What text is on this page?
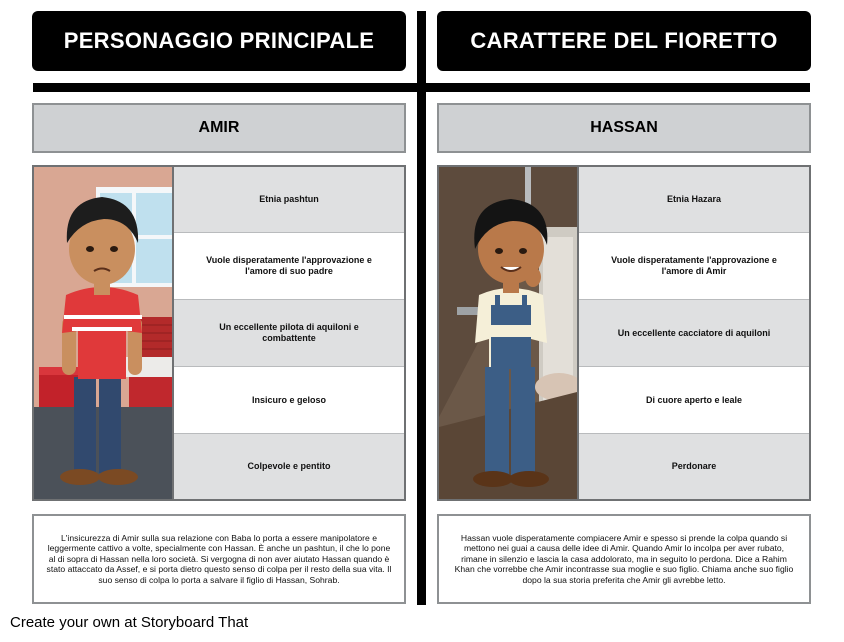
PERSONAGGIO PRINCIPALE	CARATTERE DEL FIORETTO
AMIR	HASSAN
Etnia pashtun
Vuole disperatamente l'approvazione e l'amore di suo padre
Un eccellente pilota di aquiloni e combattente
Insicuro e geloso
Colpevole e pentito
Etnia Hazara
Vuole disperatamente l'approvazione e l'amore di Amir
Un eccellente cacciatore di aquiloni
Di cuore aperto e leale
Perdonare
L'insicurezza di Amir sulla sua relazione con Baba lo porta a essere manipolatore e leggermente cattivo a volte, specialmente con Hassan. È anche un pashtun, il che lo pone al di sopra di Hassan nella loro società. Si vergogna di non aver aiutato Hassan quando è stato attaccato da Assef, e si porta dietro questo senso di colpa per il resto della sua vita. Il suo senso di colpa lo porta a salvare il figlio di Hassan, Sohrab.
Hassan vuole disperatamente compiacere Amir e spesso si prende la colpa quando si mettono nei guai a causa delle idee di Amir. Quando Amir lo incolpa per aver rubato, rimane in silenzio e lascia la casa addolorato, ma in seguito lo perdona. Dice a Rahim Khan che vorrebbe che Amir incontrasse sua moglie e suo figlio. Chiama anche suo figlio dopo la sua storia preferita che Amir gli avrebbe letto.
Create your own at Storyboard That
